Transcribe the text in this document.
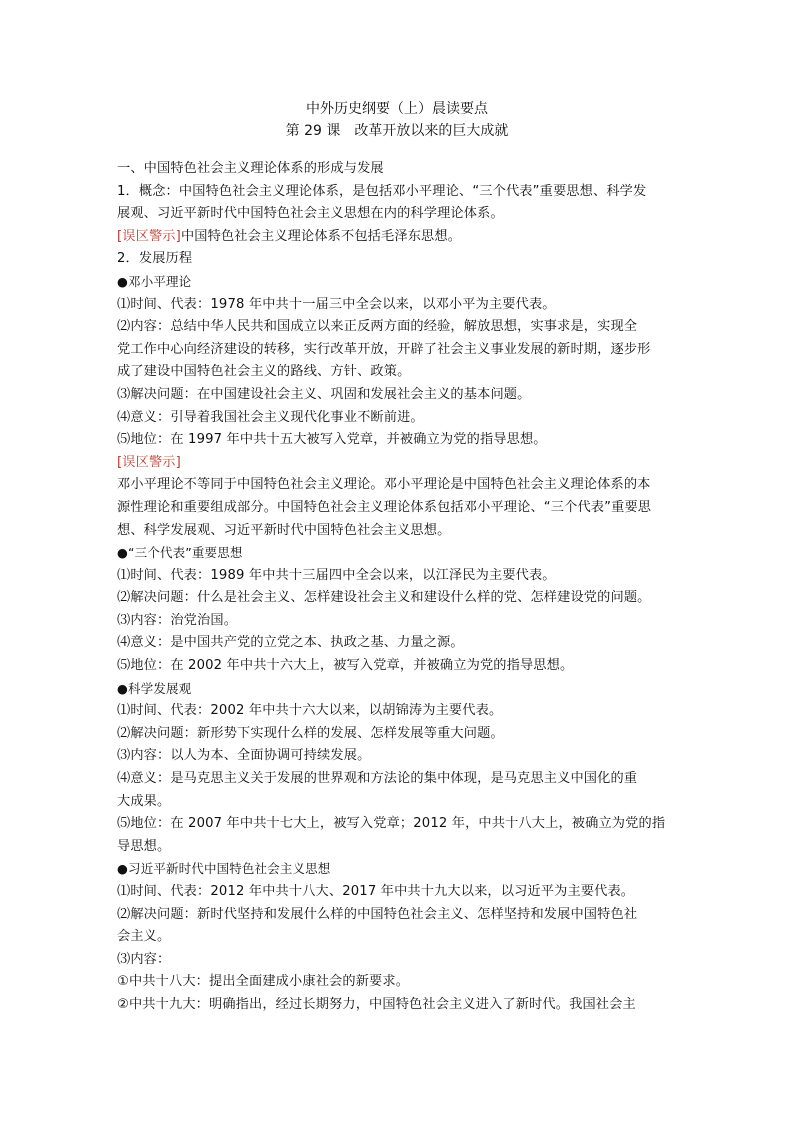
中外历史纲要（上）晨读要点
第 29 课　改革开放以来的巨大成就
一、中国特色社会主义理论体系的形成与发展
1．概念：中国特色社会主义理论体系，是包括邓小平理论、“三个代表”重要思想、科学发
展观、习近平新时代中国特色社会主义思想在内的科学理论体系。
[误区警示]中国特色社会主义理论体系不包括毛泽东思想。
2．发展历程
●邓小平理论
⑴时间、代表：1978 年中共十一届三中全会以来，以邓小平为主要代表。
⑵内容：总结中华人民共和国成立以来正反两方面的经验，解放思想，实事求是，实现全
党工作中心向经济建设的转移，实行改革开放，开辟了社会主义事业发展的新时期，逐步形
成了建设中国特色社会主义的路线、方针、政策。
⑶解决问题：在中国建设社会主义、巩固和发展社会主义的基本问题。
⑷意义：引导着我国社会主义现代化事业不断前进。
⑸地位：在 1997 年中共十五大被写入党章，并被确立为党的指导思想。
[误区警示]
邓小平理论不等同于中国特色社会主义理论。邓小平理论是中国特色社会主义理论体系的本
源性理论和重要组成部分。中国特色社会主义理论体系包括邓小平理论、“三个代表”重要思
想、科学发展观、习近平新时代中国特色社会主义思想。
●“三个代表”重要思想
⑴时间、代表：1989 年中共十三届四中全会以来，以江泽民为主要代表。
⑵解决问题：什么是社会主义、怎样建设社会主义和建设什么样的党、怎样建设党的问题。
⑶内容：治党治国。
⑷意义：是中国共产党的立党之本、执政之基、力量之源。
⑸地位：在 2002 年中共十六大上，被写入党章，并被确立为党的指导思想。
●科学发展观
⑴时间、代表：2002 年中共十六大以来，以胡锦涛为主要代表。
⑵解决问题：新形势下实现什么样的发展、怎样发展等重大问题。
⑶内容：以人为本、全面协调可持续发展。
⑷意义：是马克思主义关于发展的世界观和方法论的集中体现，是马克思主义中国化的重
大成果。
⑸地位：在 2007 年中共十七大上，被写入党章；2012 年，中共十八大上，被确立为党的指
导思想。
●习近平新时代中国特色社会主义思想
⑴时间、代表：2012 年中共十八大、2017 年中共十九大以来，以习近平为主要代表。
⑵解决问题：新时代坚持和发展什么样的中国特色社会主义、怎样坚持和发展中国特色社
会主义。
⑶内容：
①中共十八大：提出全面建成小康社会的新要求。
②中共十九大：明确指出，经过长期努力，中国特色社会主义进入了新时代。我国社会主
